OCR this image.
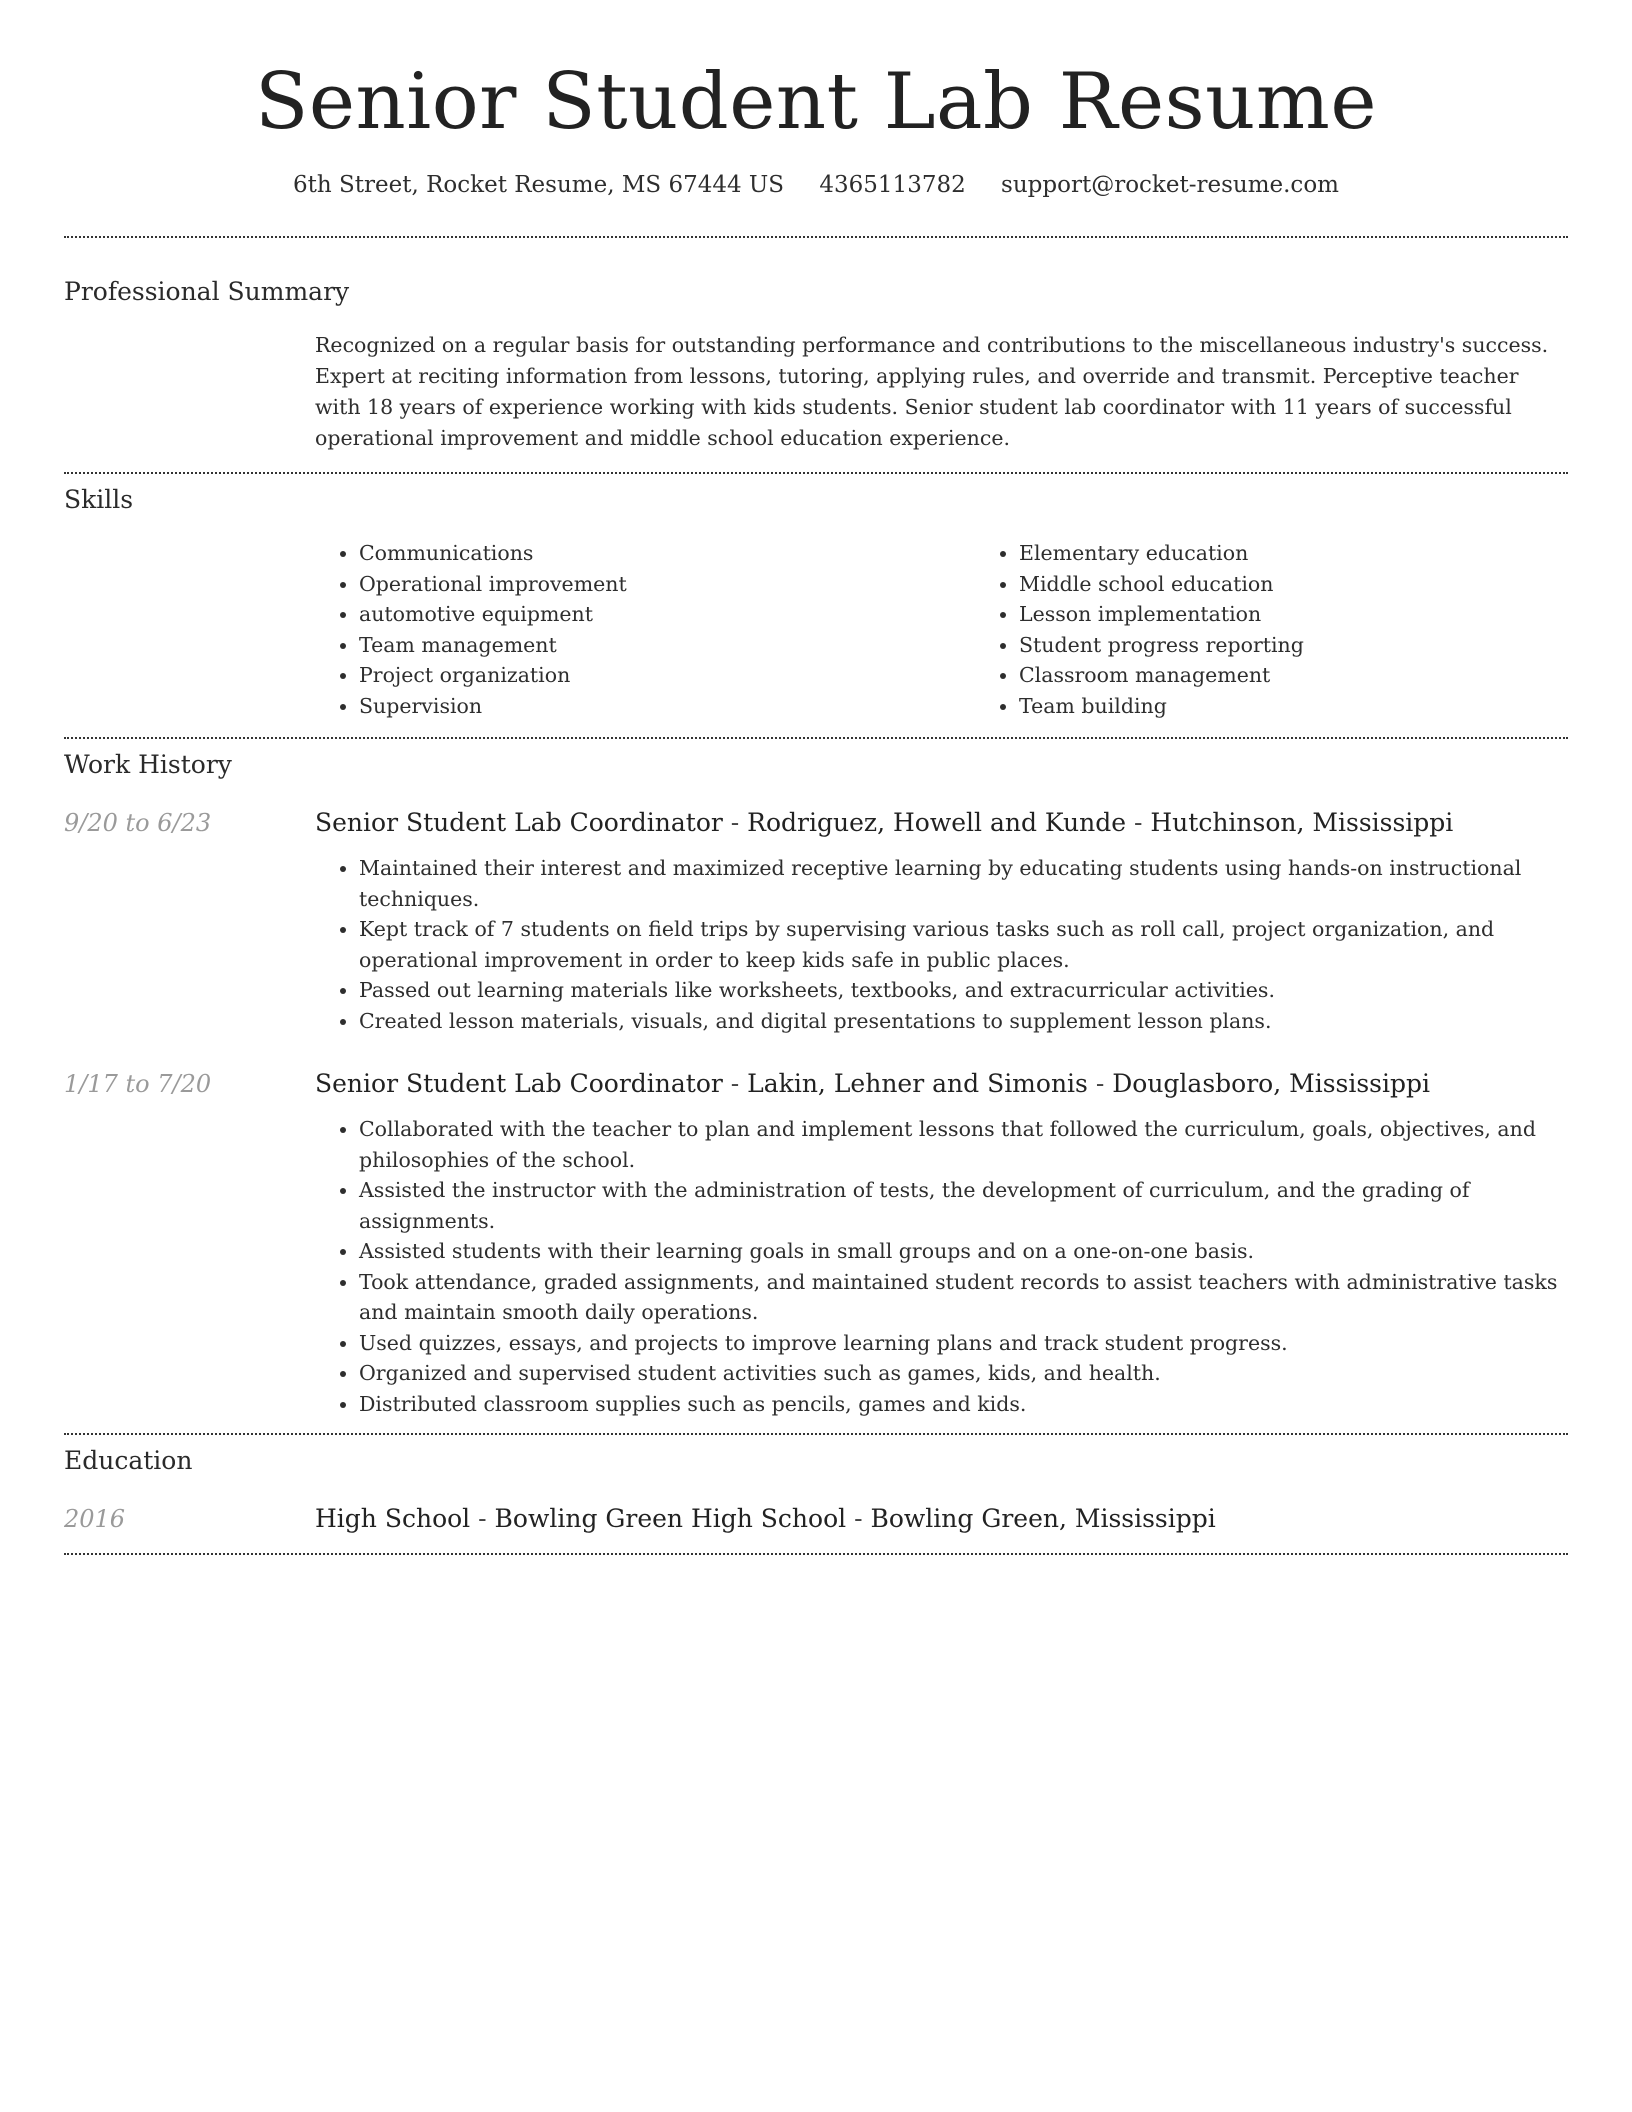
Senior Student Lab Resume
6th Street, Rocket Resume, MS 67444 US 4365113782 support@rocket-resume.com
Professional Summary

Recognized on a regular basis for outstanding performance and contributions to the miscellaneous industry's success. Expert at reciting information from lessons, tutoring, applying rules, and override and transmit. Perceptive teacher with 18 years of experience working with kids students. Senior student lab coordinator with 11 years of successful operational improvement and middle school education experience.

Skills
• Communications
• Operational improvement
• automotive equipment
• Team management
• Project organization
• Supervision
• Elementary education
• Middle school education
• Lesson implementation
• Student progress reporting
• Classroom management
• Team building
Work History
9/20 to 6/23	Senior Student Lab Coordinator - Rodriguez, Howell and Kunde - Hutchinson, Mississippi
• Maintained their interest and maximized receptive learning by educating students using hands-on instructional techniques.
• Kept track of 7 students on field trips by supervising various tasks such as roll call, project organization, and operational improvement in order to keep kids safe in public places.
• Passed out learning materials like worksheets, textbooks, and extracurricular activities.
• Created lesson materials, visuals, and digital presentations to supplement lesson plans.
1/17 to 7/20	Senior Student Lab Coordinator - Lakin, Lehner and Simonis - Douglasboro, Mississippi
• Collaborated with the teacher to plan and implement lessons that followed the curriculum, goals, objectives, and philosophies of the school.
• Assisted the instructor with the administration of tests, the development of curriculum, and the grading of assignments.
• Assisted students with their learning goals in small groups and on a one-on-one basis.
• Took attendance, graded assignments, and maintained student records to assist teachers with administrative tasks and maintain smooth daily operations.
• Used quizzes, essays, and projects to improve learning plans and track student progress.
• Organized and supervised student activities such as games, kids, and health.
• Distributed classroom supplies such as pencils, games and kids.
Education
2016	High School - Bowling Green High School - Bowling Green, Mississippi
